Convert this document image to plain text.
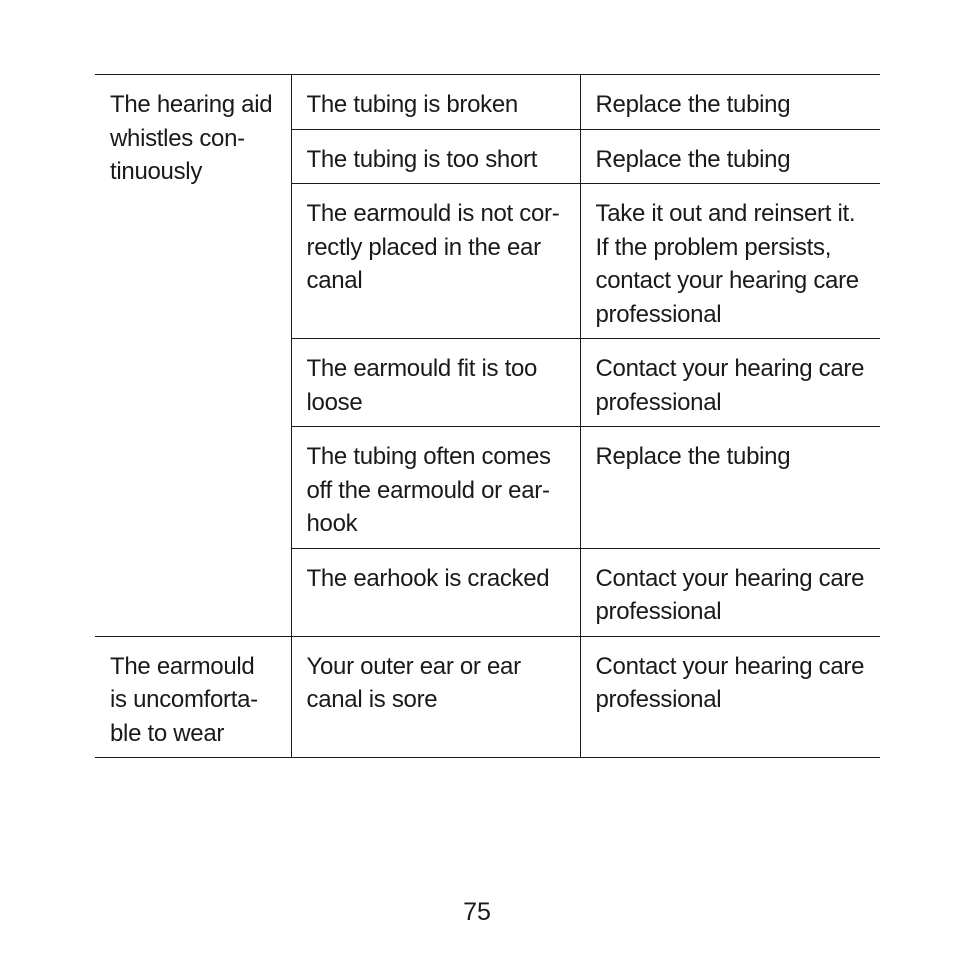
The hearing aid whistles continuously	The tubing is broken	Replace the tubing
	The tubing is too short	Replace the tubing
	The earmould is not correctly placed in the ear canal	Take it out and reinsert it. If the problem persists, contact your hearing care professional
	The earmould fit is too loose	Contact your hearing care professional
	The tubing often comes off the earmould or earhook	Replace the tubing
	The earhook is cracked	Contact your hearing care professional
The earmould is uncomfortable to wear	Your outer ear or ear canal is sore	Contact your hearing care professional
75
